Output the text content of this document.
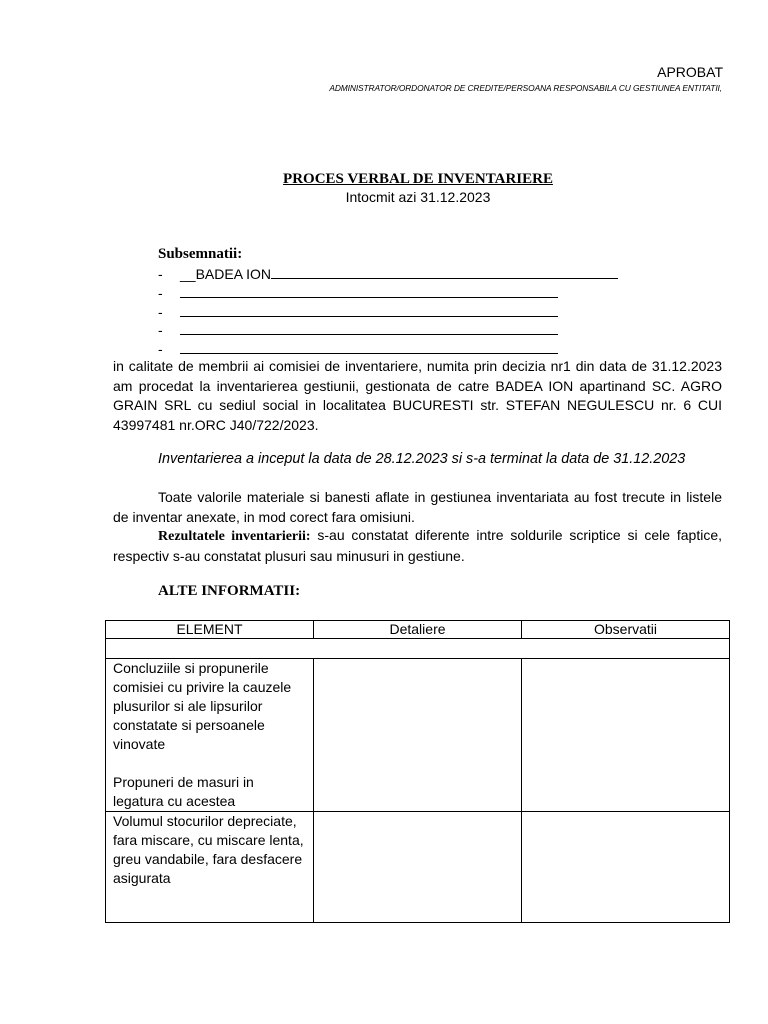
APROBAT
ADMINISTRATOR/ORDONATOR DE CREDITE/PERSOANA RESPONSABILA CU GESTIUNEA ENTITATII,
PROCES VERBAL DE INVENTARIERE
Intocmit azi 31.12.2023
Subsemnatii:
- __BADEA ION
-
-
-
-
in calitate de membrii ai comisiei de inventariere, numita prin decizia nr1 din data de 31.12.2023 am procedat la inventarierea gestiunii, gestionata de catre BADEA ION apartinand SC. AGRO GRAIN SRL cu sediul social in localitatea BUCURESTI str. STEFAN NEGULESCU nr. 6 CUI 43997481 nr.ORC J40/722/2023.
Inventarierea a inceput la data de 28.12.2023 si s-a terminat la data de 31.12.2023
Toate valorile materiale si banesti aflate in gestiunea inventariata au fost trecute in listele de inventar anexate, in mod corect fara omisiuni.
Rezultatele inventarierii: s-au constatat diferente intre soldurile scriptice si cele faptice, respectiv s-au constatat plusuri sau minusuri in gestiune.
ALTE INFORMATII:
ELEMENT	Detaliere	Observatii

Concluziile si propunerile comisiei cu privire la cauzele plusurilor si ale lipsurilor constatate si persoanele vinovate
Propuneri de masuri in legatura cu acestea		

Volumul stocurilor depreciate, fara miscare, cu miscare lenta, greu vandabile, fara desfacere asigurata		
